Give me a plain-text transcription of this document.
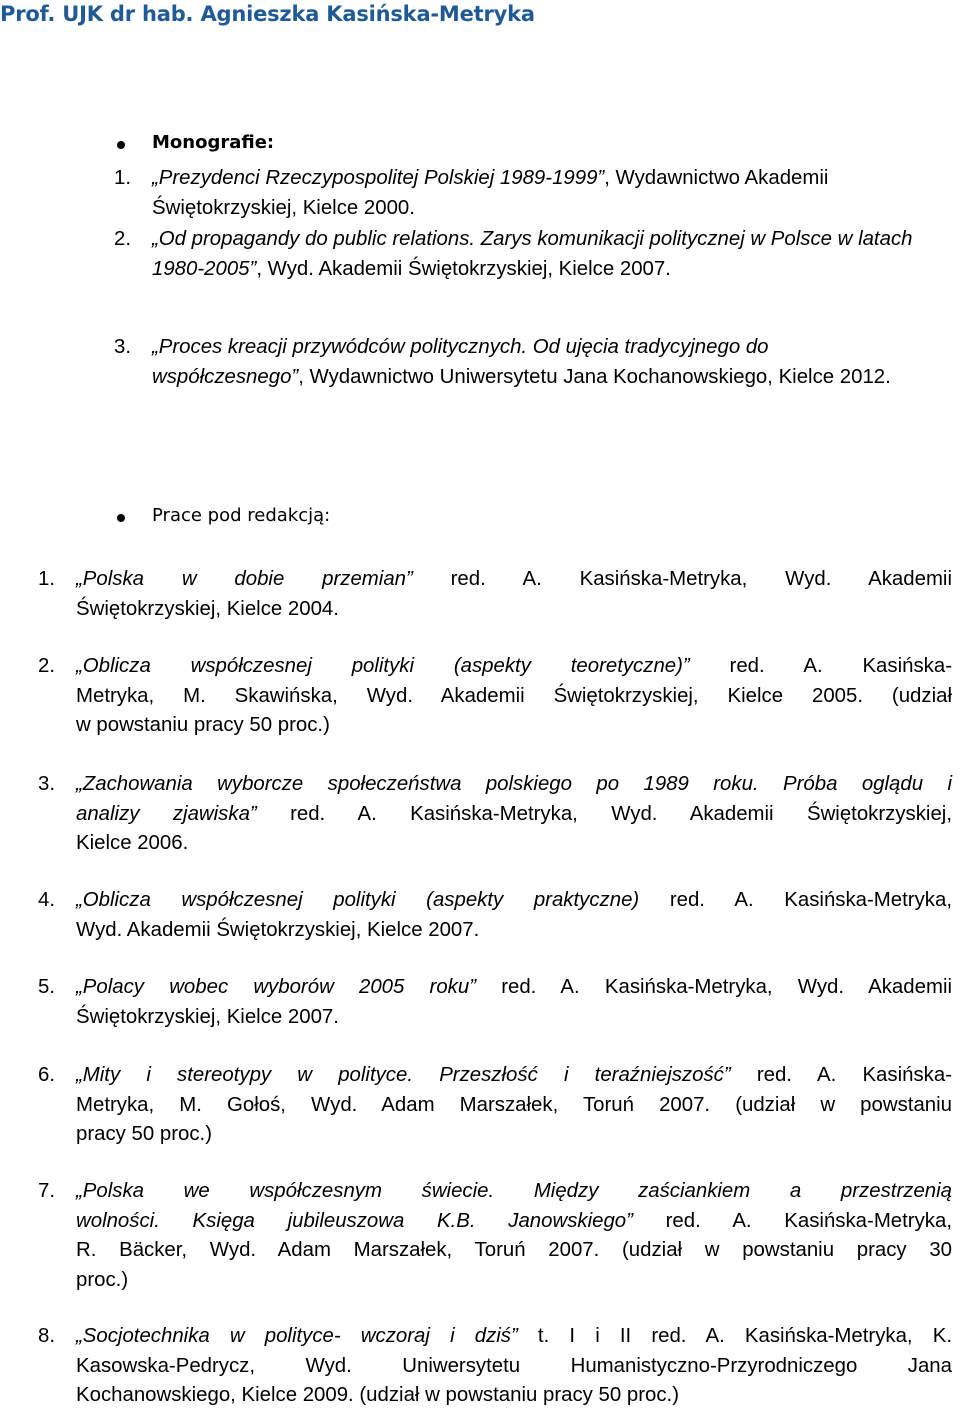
Prof. UJK dr hab. Agnieszka Kasińska-Metryka
Monografie:
1. „Prezydenci Rzeczypospolitej Polskiej 1989-1999”, Wydawnictwo Akademii Świętokrzyskiej, Kielce 2000.
2. „Od propagandy do public relations. Zarys komunikacji politycznej w Polsce w latach 1980-2005”, Wyd. Akademii Świętokrzyskiej, Kielce 2007.
3. „Proces kreacji przywódców politycznych. Od ujęcia tradycyjnego do współczesnego”, Wydawnictwo Uniwersytetu Jana Kochanowskiego, Kielce 2012.
Prace pod redakcją:
1. „Polska w dobie przemian” red. A. Kasińska-Metryka, Wyd. Akademii
Świętokrzyskiej, Kielce 2004.
2. „Oblicza współczesnej polityki (aspekty teoretyczne)” red. A. Kasińska-
Metryka, M. Skawińska, Wyd. Akademii Świętokrzyskiej, Kielce 2005. (udział
w powstaniu pracy 50 proc.)
3. „Zachowania wyborcze społeczeństwa polskiego po 1989 roku. Próba oglądu i
analizy zjawiska” red. A. Kasińska-Metryka, Wyd. Akademii Świętokrzyskiej,
Kielce 2006.
4. „Oblicza współczesnej polityki (aspekty praktyczne) red. A. Kasińska-Metryka,
Wyd. Akademii Świętokrzyskiej, Kielce 2007.
5. „Polacy wobec wyborów 2005 roku” red. A. Kasińska-Metryka, Wyd. Akademii
Świętokrzyskiej, Kielce 2007.
6. „Mity i stereotypy w polityce. Przeszłość i teraźniejszość” red. A. Kasińska-
Metryka, M. Gołoś, Wyd. Adam Marszałek, Toruń 2007. (udział w powstaniu
pracy 50 proc.)
7. „Polska we współczesnym świecie. Między zaściankiem a przestrzenią
wolności. Księga jubileuszowa K.B. Janowskiego” red. A. Kasińska-Metryka,
R. Bäcker, Wyd. Adam Marszałek, Toruń 2007. (udział w powstaniu pracy 30
proc.)
8. „Socjotechnika w polityce- wczoraj i dziś” t. I i II red. A. Kasińska-Metryka, K.
Kasowska-Pedrycz, Wyd. Uniwersytetu Humanistyczno-Przyrodniczego Jana
Kochanowskiego, Kielce 2009. (udział w powstaniu pracy 50 proc.)
